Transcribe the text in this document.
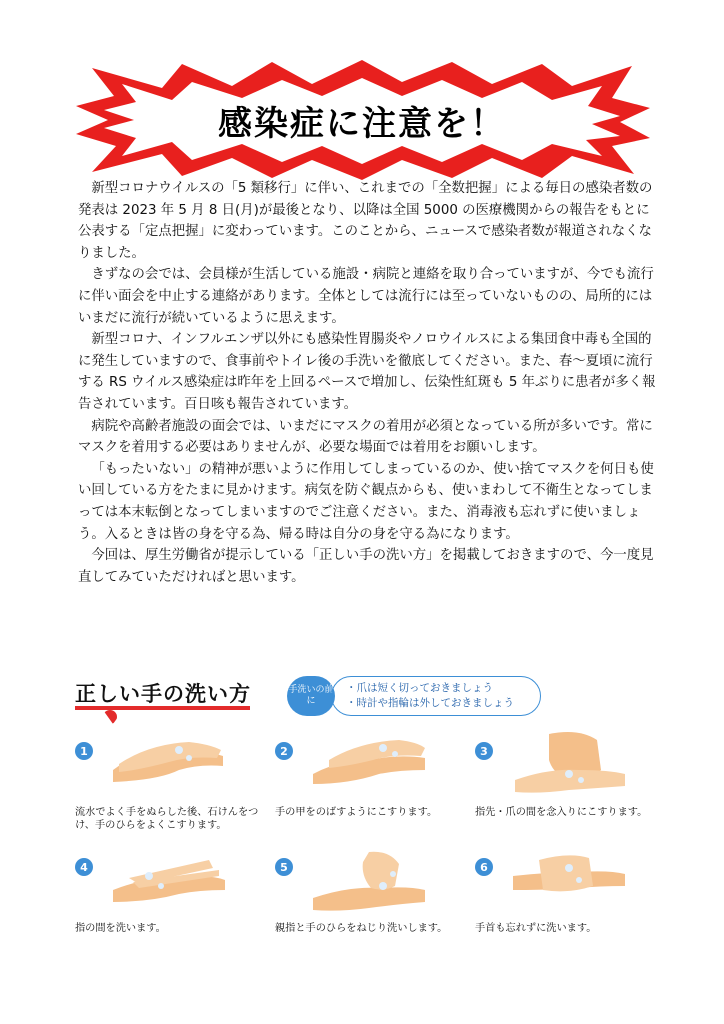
感染症に注意を！

新型コロナウイルスの「5 類移行」に伴い、これまでの「全数把握」による毎日の感染者数の発表は 2023 年 5 月 8 日(月)が最後となり、以降は全国 5000 の医療機関からの報告をもとに公表する「定点把握」に変わっています。このことから、ニュースで感染者数が報道されなくなりました。

きずなの会では、会員様が生活している施設・病院と連絡を取り合っていますが、今でも流行に伴い面会を中止する連絡があります。全体としては流行には至っていないものの、局所的にはいまだに流行が続いているように思えます。

新型コロナ、インフルエンザ以外にも感染性胃腸炎やノロウイルスによる集団食中毒も全国的に発生していますので、食事前やトイレ後の手洗いを徹底してください。また、春～夏頃に流行する RS ウイルス感染症は昨年を上回るペースで増加し、伝染性紅斑も 5 年ぶりに患者が多く報告されています。百日咳も報告されています。

病院や高齢者施設の面会では、いまだにマスクの着用が必須となっている所が多いです。常にマスクを着用する必要はありませんが、必要な場面では着用をお願いします。

「もったいない」の精神が悪いように作用してしまっているのか、使い捨てマスクを何日も使い回している方をたまに見かけます。病気を防ぐ観点からも、使いまわして不衛生となってしまっては本末転倒となってしまいますのでご注意ください。また、消毒液も忘れずに使いましょう。入るときは皆の身を守る為、帰る時は自分の身を守る為になります。

今回は、厚生労働省が提示している「正しい手の洗い方」を掲載しておきますので、今一度見直してみていただければと思います。

正しい手の洗い方	手洗いの前に
・爪は短く切っておきましょう
・時計や指輪は外しておきましょう
1
流水でよく手をぬらした後、石けんをつけ、手のひらをよくこすります。
2
手の甲をのばすようにこすります。
3
指先・爪の間を念入りにこすります。
4
指の間を洗います。
5
親指と手のひらをねじり洗いします。
6
手首も忘れずに洗います。
